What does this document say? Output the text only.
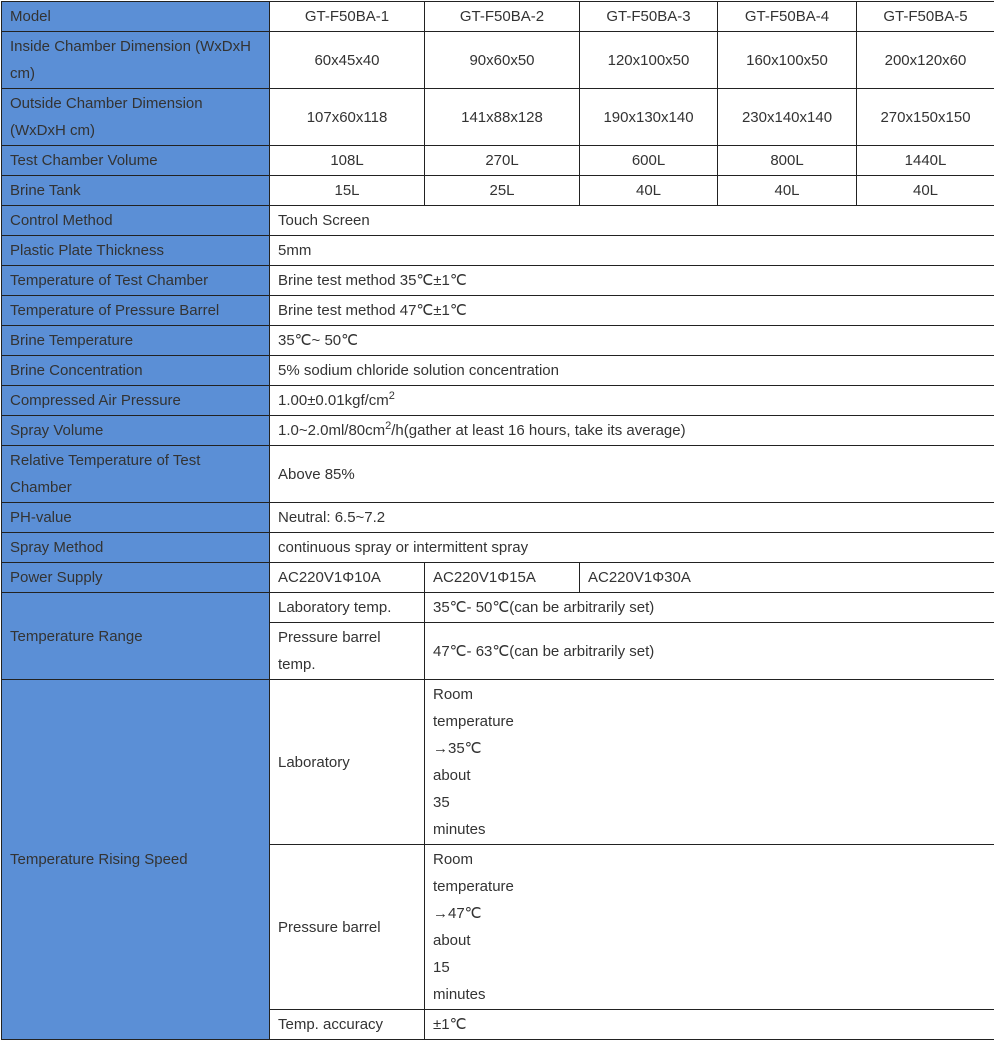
Model	GT-F50BA-1	GT-F50BA-2	GT-F50BA-3	GT-F50BA-4	GT-F50BA-5
Inside Chamber Dimension (WxDxH cm)	60x45x40	90x60x50	120x100x50	160x100x50	200x120x60
Outside Chamber Dimension (WxDxH cm)	107x60x118	141x88x128	190x130x140	230x140x140	270x150x150
Test Chamber Volume	108L	270L	600L	800L	1440L
Brine Tank	15L	25L	40L	40L	40L
Control Method	Touch Screen				
Plastic Plate Thickness	5mm				
Temperature of Test Chamber	Brine test method 35℃±1℃				
Temperature of Pressure Barrel	Brine test method 47℃±1℃				
Brine Temperature	35℃~ 50℃				
Brine Concentration	5% sodium chloride solution concentration				
Compressed Air Pressure	$1.00\pm 0.01kgf/cm^2$
Spray Volume	$1.0\sim 2.0ml/80cm^2/h(gather$ at least 16 hours, take its average)				
Relative Temperature of Test Chamber	Above 85%				
PH-value	Neutral: 6.5~7.2				
Spray Method	continuous spray or intermittent spray				
Power Supply	AC220V1Φ10A	AC220V1Φ15A	AC220V1Φ30A		
Temperature Range	Laboratory temp.	35℃- 50℃(can be arbitrarily set)			
	Pressure barrel temp.	47℃- 63℃(can be arbitrarily set)			
Temperature Rising Speed	Laboratory	Room temperature →35℃ about 35 minutes			
	Pressure barrel	Room temperature →47℃ about 15 minutes			
	Temp. accuracy	±1℃			
